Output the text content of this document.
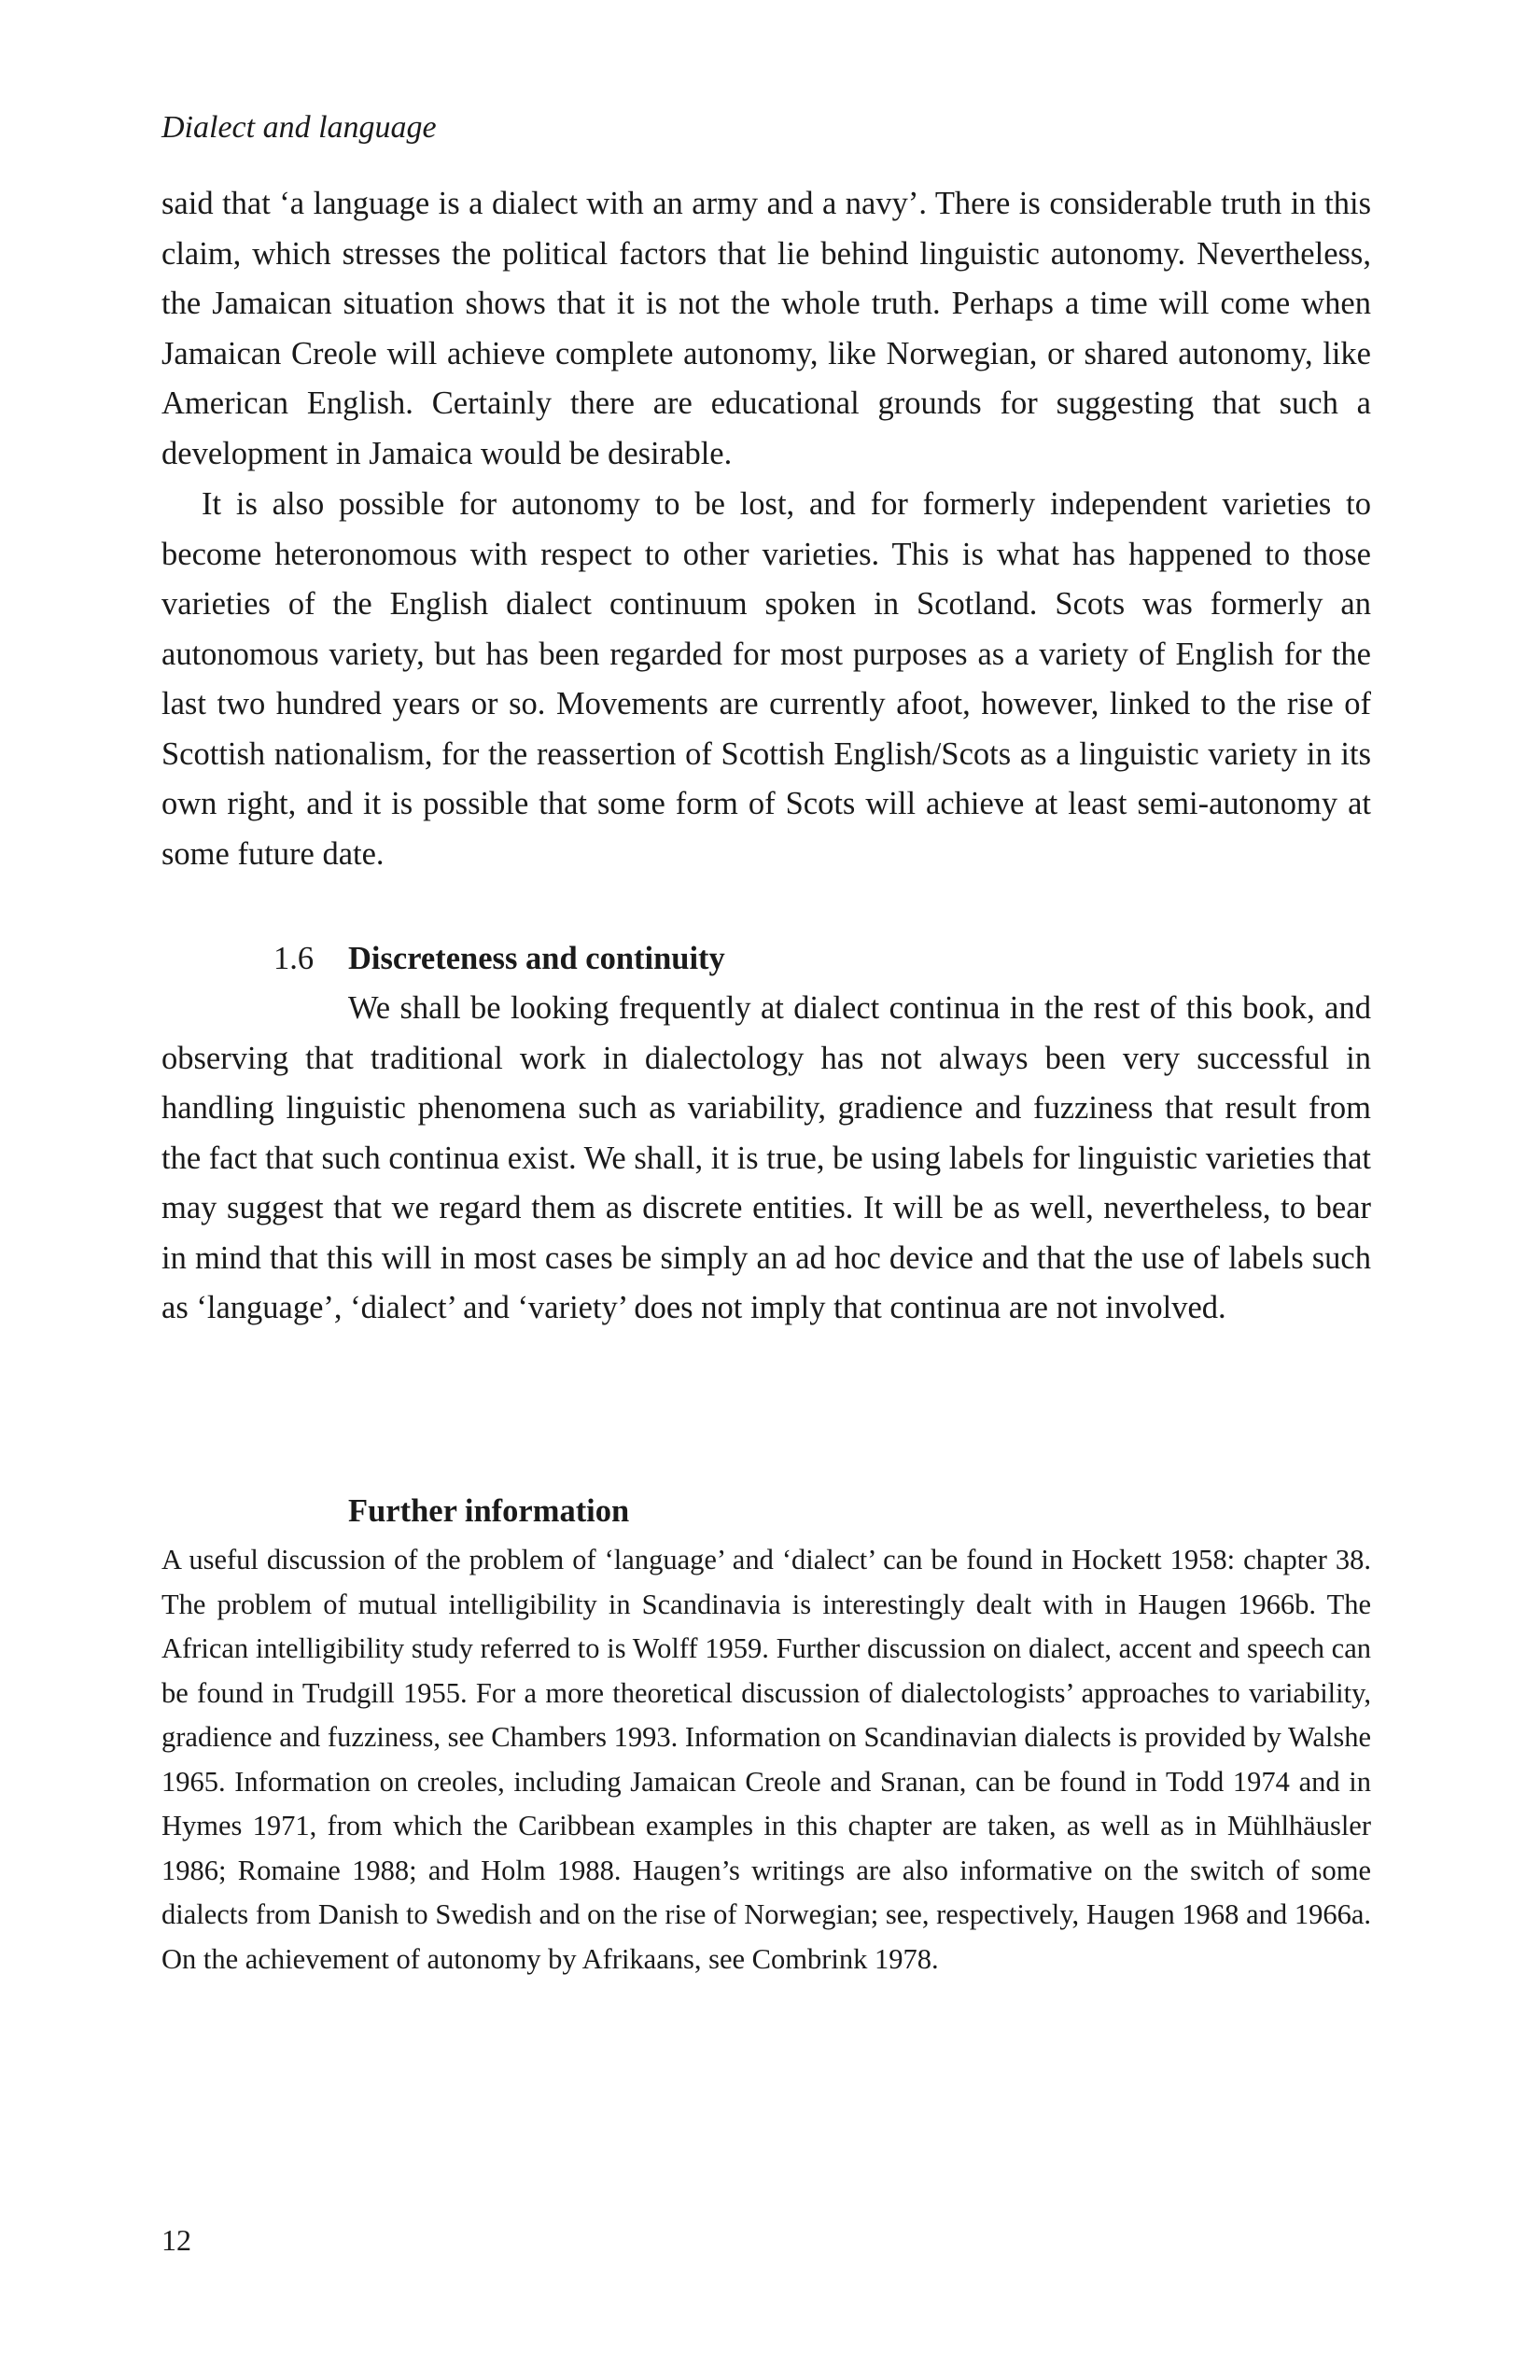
Dialect and language

said that ‘a language is a dialect with an army and a navy’. There is considerable truth in this claim, which stresses the political factors that lie behind linguistic autonomy. Nevertheless, the Jamaican situation shows that it is not the whole truth. Perhaps a time will come when Jamaican Creole will achieve complete autonomy, like Norwegian, or shared autonomy, like American English. Certainly there are educational grounds for suggesting that such a development in Jamaica would be desirable.

It is also possible for autonomy to be lost, and for formerly independent varieties to become heteronomous with respect to other varieties. This is what has happened to those varieties of the English dialect continuum spoken in Scotland. Scots was formerly an autonomous variety, but has been regarded for most purposes as a variety of English for the last two hundred years or so. Movements are currently afoot, however, linked to the rise of Scottish nationalism, for the reassertion of Scottish English/Scots as a linguistic variety in its own right, and it is possible that some form of Scots will achieve at least semi-autonomy at some future date.

1.6 Discreteness and continuity

We shall be looking frequently at dialect continua in the rest of this book, and observing that traditional work in dialectology has not always been very successful in handling linguistic phenomena such as variability, gradience and fuzziness that result from the fact that such continua exist. We shall, it is true, be using labels for linguistic varieties that may suggest that we regard them as discrete entities. It will be as well, nevertheless, to bear in mind that this will in most cases be simply an ad hoc device and that the use of labels such as ‘language’, ‘dialect’ and ‘variety’ does not imply that continua are not involved.

Further information

A useful discussion of the problem of ‘language’ and ‘dialect’ can be found in Hockett 1958: chapter 38. The problem of mutual intelligibility in Scandinavia is interestingly dealt with in Haugen 1966b. The African intelligibility study referred to is Wolff 1959. Further discussion on dialect, accent and speech can be found in Trudgill 1955. For a more theoretical discussion of dialectologists’ approaches to variability, gradience and fuzziness, see Chambers 1993. Information on Scandinavian dialects is provided by Walshe 1965. Information on creoles, including Jamaican Creole and Sranan, can be found in Todd 1974 and in Hymes 1971, from which the Caribbean examples in this chapter are taken, as well as in Mühlhäusler 1986; Romaine 1988; and Holm 1988. Haugen’s writings are also informative on the switch of some dialects from Danish to Swedish and on the rise of Norwegian; see, respectively, Haugen 1968 and 1966a. On the achievement of autonomy by Afrikaans, see Combrink 1978.

12
